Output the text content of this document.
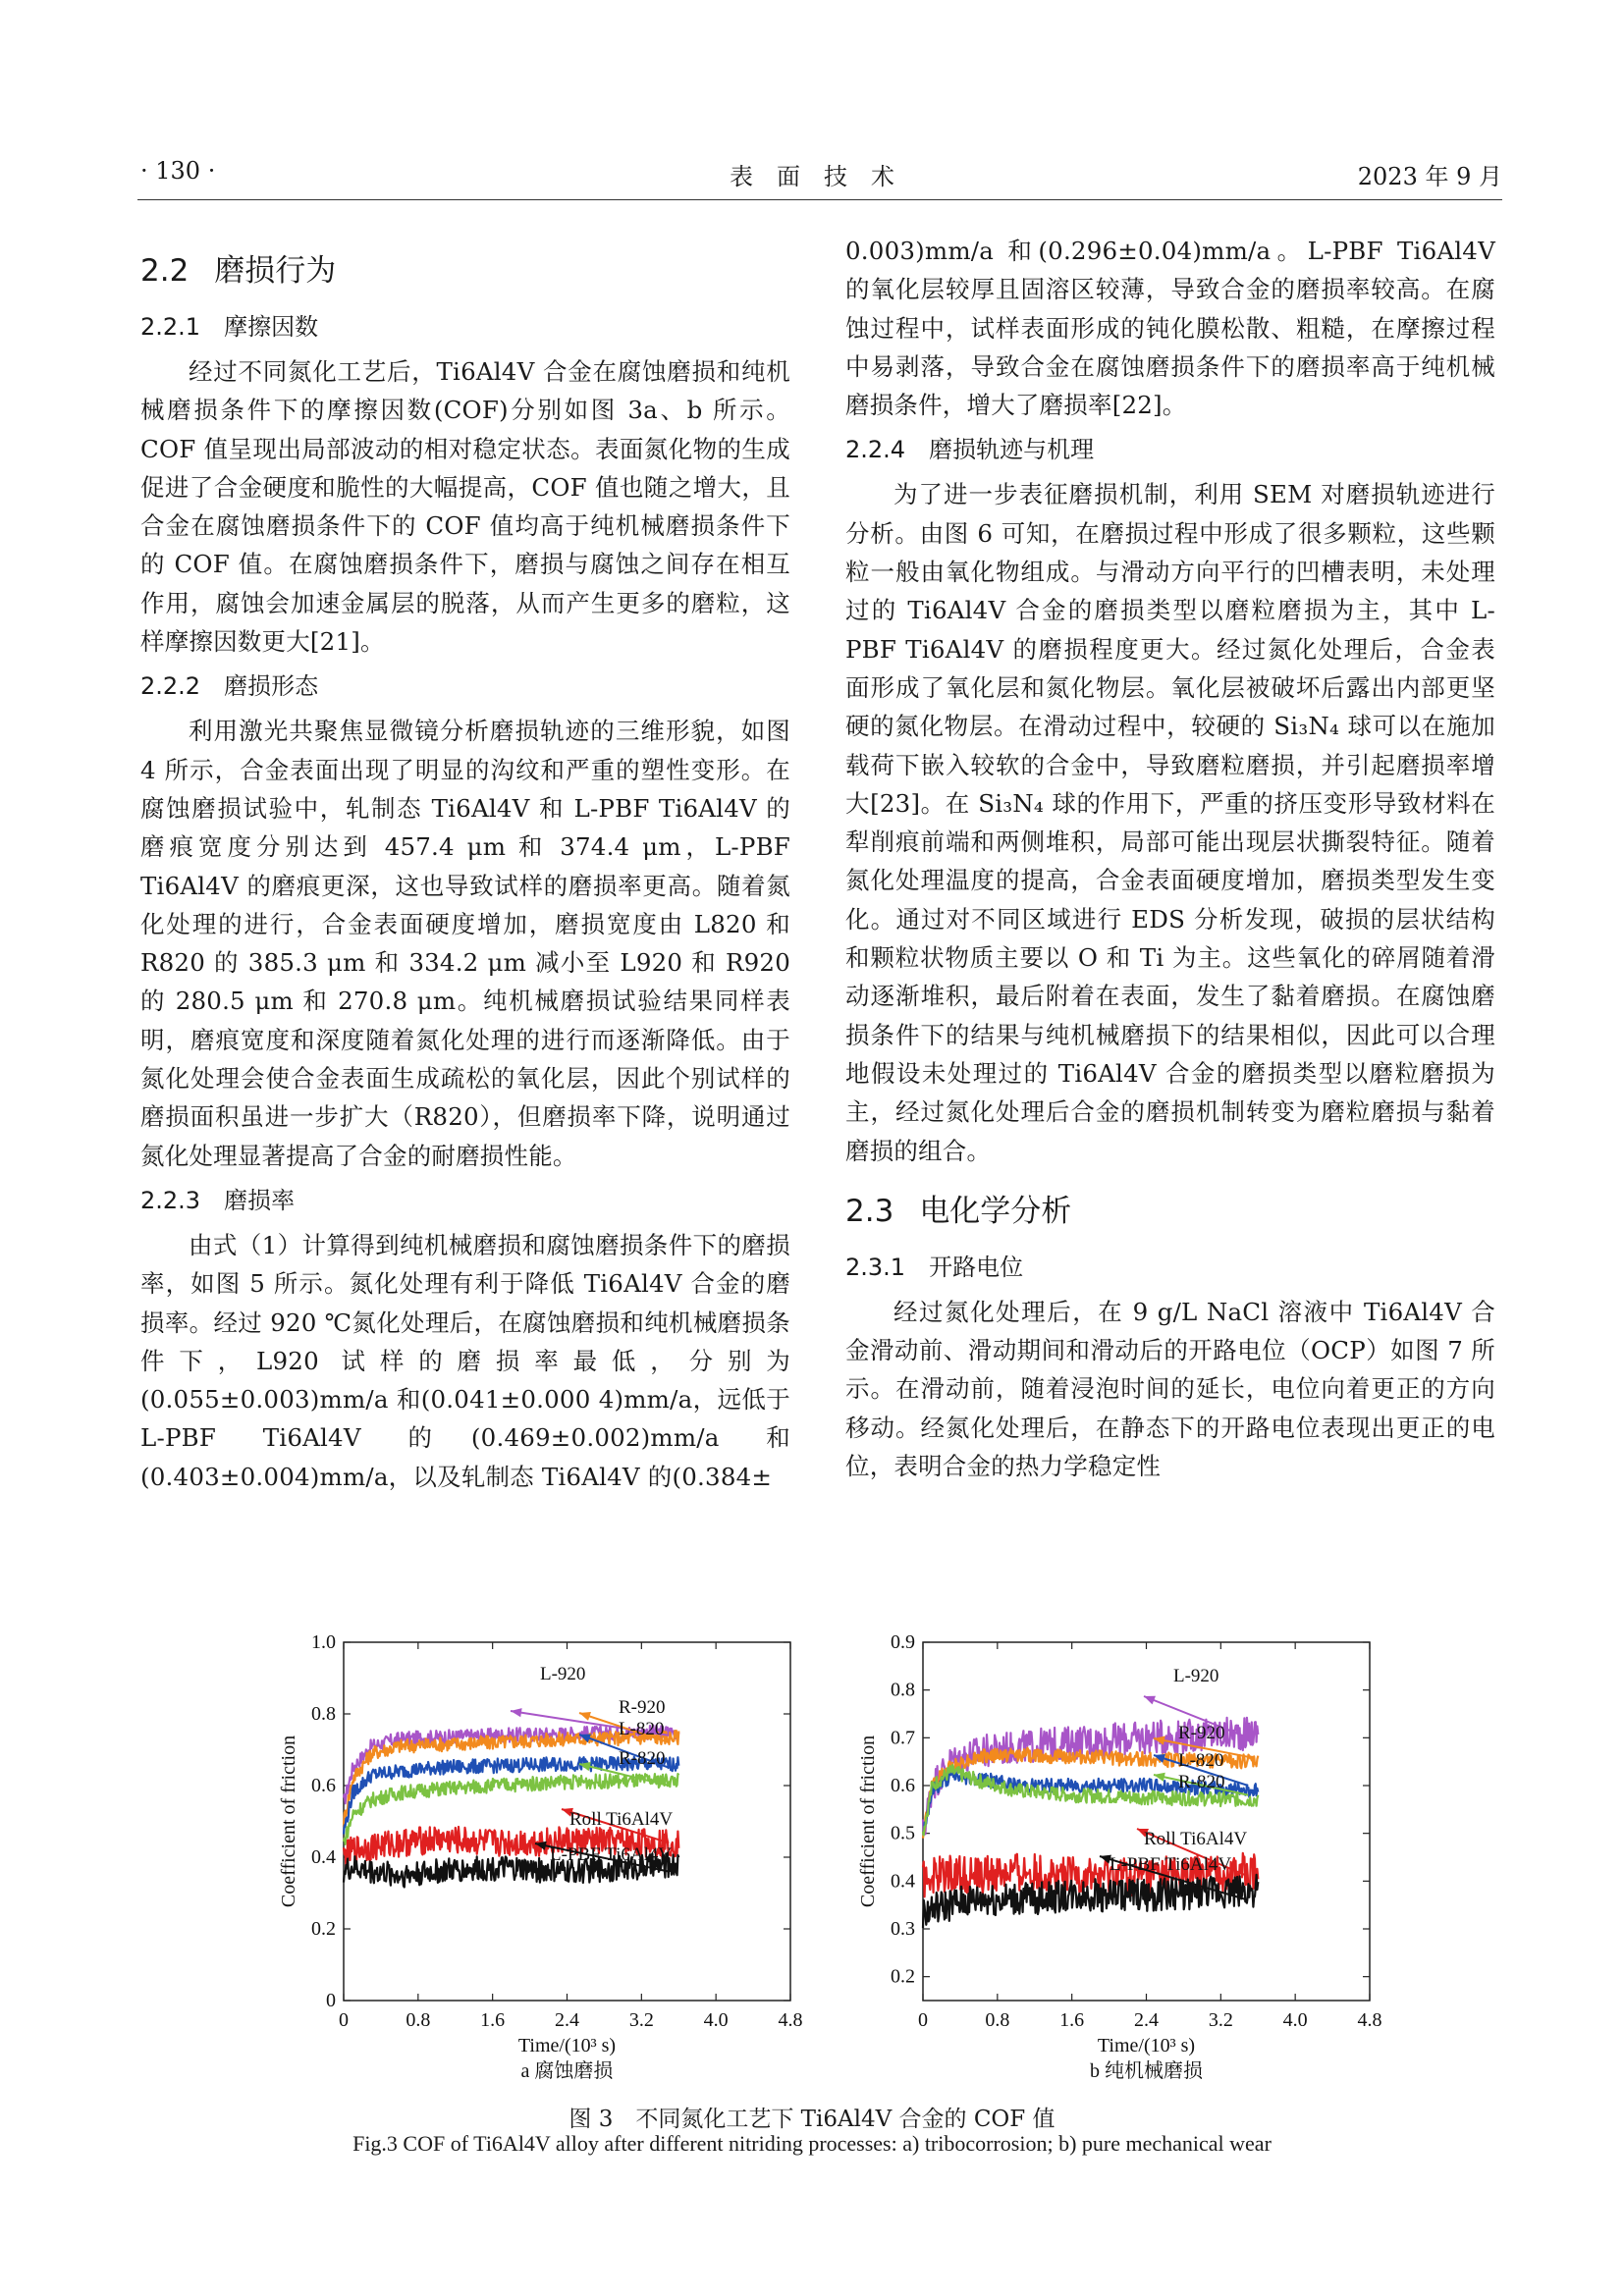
· 130 ·	表　面　技　术	2023 年 9 月
2.2 磨损行为
2.2.1 摩擦因数

经过不同氮化工艺后，Ti6Al4V 合金在腐蚀磨损和纯机械磨损条件下的摩擦因数(COF)分别如图 3a、b 所示。COF 值呈现出局部波动的相对稳定状态。表面氮化物的生成促进了合金硬度和脆性的大幅提高，COF 值也随之增大，且合金在腐蚀磨损条件下的 COF 值均高于纯机械磨损条件下的 COF 值。在腐蚀磨损条件下，磨损与腐蚀之间存在相互作用，腐蚀会加速金属层的脱落，从而产生更多的磨粒，这样摩擦因数更大[21]。

2.2.2 磨损形态

利用激光共聚焦显微镜分析磨损轨迹的三维形貌，如图 4 所示，合金表面出现了明显的沟纹和严重的塑性变形。在腐蚀磨损试验中，轧制态 Ti6Al4V 和 L-PBF Ti6Al4V 的磨痕宽度分别达到 457.4 μm 和 374.4 μm，L-PBF Ti6Al4V 的磨痕更深，这也导致试样的磨损率更高。随着氮化处理的进行，合金表面硬度增加，磨损宽度由 L820 和 R820 的 385.3 μm 和 334.2 μm 减小至 L920 和 R920 的 280.5 μm 和 270.8 μm。纯机械磨损试验结果同样表明，磨痕宽度和深度随着氮化处理的进行而逐渐降低。由于氮化处理会使合金表面生成疏松的氧化层，因此个别试样的磨损面积虽进一步扩大（R820），但磨损率下降，说明通过氮化处理显著提高了合金的耐磨损性能。

2.2.3 磨损率

由式（1）计算得到纯机械磨损和腐蚀磨损条件下的磨损率，如图 5 所示。氮化处理有利于降低 Ti6Al4V 合金的磨损率。经过 920 ℃氮化处理后，在腐蚀磨损和纯机械磨损条件下，L920 试样的磨损率最低，分别为(0.055±0.003)mm/a 和(0.041±0.000 4)mm/a，远低于 L-PBF Ti6Al4V 的(0.469±0.002)mm/a 和(0.403±0.004)mm/a，以及轧制态 Ti6Al4V 的(0.384±

0.003)mm/a 和(0.296±0.04)mm/a。L-PBF Ti6Al4V 的氧化层较厚且固溶区较薄，导致合金的磨损率较高。在腐蚀过程中，试样表面形成的钝化膜松散、粗糙，在摩擦过程中易剥落，导致合金在腐蚀磨损条件下的磨损率高于纯机械磨损条件，增大了磨损率[22]。

2.2.4 磨损轨迹与机理

为了进一步表征磨损机制，利用 SEM 对磨损轨迹进行分析。由图 6 可知，在磨损过程中形成了很多颗粒，这些颗粒一般由氧化物组成。与滑动方向平行的凹槽表明，未处理过的 Ti6Al4V 合金的磨损类型以磨粒磨损为主，其中 L-PBF Ti6Al4V 的磨损程度更大。经过氮化处理后，合金表面形成了氧化层和氮化物层。氧化层被破坏后露出内部更坚硬的氮化物层。在滑动过程中，较硬的 Si₃N₄ 球可以在施加载荷下嵌入较软的合金中，导致磨粒磨损，并引起磨损率增大[23]。在 Si₃N₄ 球的作用下，严重的挤压变形导致材料在犁削痕前端和两侧堆积，局部可能出现层状撕裂特征。随着氮化处理温度的提高，合金表面硬度增加，磨损类型发生变化。通过对不同区域进行 EDS 分析发现，破损的层状结构和颗粒状物质主要以 O 和 Ti 为主。这些氧化的碎屑随着滑动逐渐堆积，最后附着在表面，发生了黏着磨损。在腐蚀磨损条件下的结果与纯机械磨损下的结果相似，因此可以合理地假设未处理过的 Ti6Al4V 合金的磨损类型以磨粒磨损为主，经过氮化处理后合金的磨损机制转变为磨粒磨损与黏着磨损的组合。

2.3 电化学分析
2.3.1 开路电位

经过氮化处理后，在 9 g/L NaCl 溶液中 Ti6Al4V 合金滑动前、滑动期间和滑动后的开路电位（OCP）如图 7 所示。在滑动前，随着浸泡时间的延长，电位向着更正的方向移动。经氮化处理后，在静态下的开路电位表现出更正的电位，表明合金的热力学稳定性

0
0.2
0.4
0.6
0.8
1.0
0	0.8	1.6	2.4	3.2	4.0	4.8
Time/(10³ s)
Coefficient of friction
a 腐蚀磨损
L-920
R-920
L-820
R-820
Roll Ti6Al4V
L-PBF Ti6Al4V
0.2
0.3
0.4
0.5
0.6
0.7
0.8
0.9
0	0.8	1.6	2.4	3.2	4.0	4.8
Time/(10³ s)
Coefficient of friction
b 纯机械磨损
L-920
R-920
L-820
R-820
Roll Ti6Al4V
L-PBF Ti6Al4V
图 3　不同氮化工艺下 Ti6Al4V 合金的 COF 值
Fig.3 COF of Ti6Al4V alloy after different nitriding processes: a) tribocorrosion; b) pure mechanical wear
